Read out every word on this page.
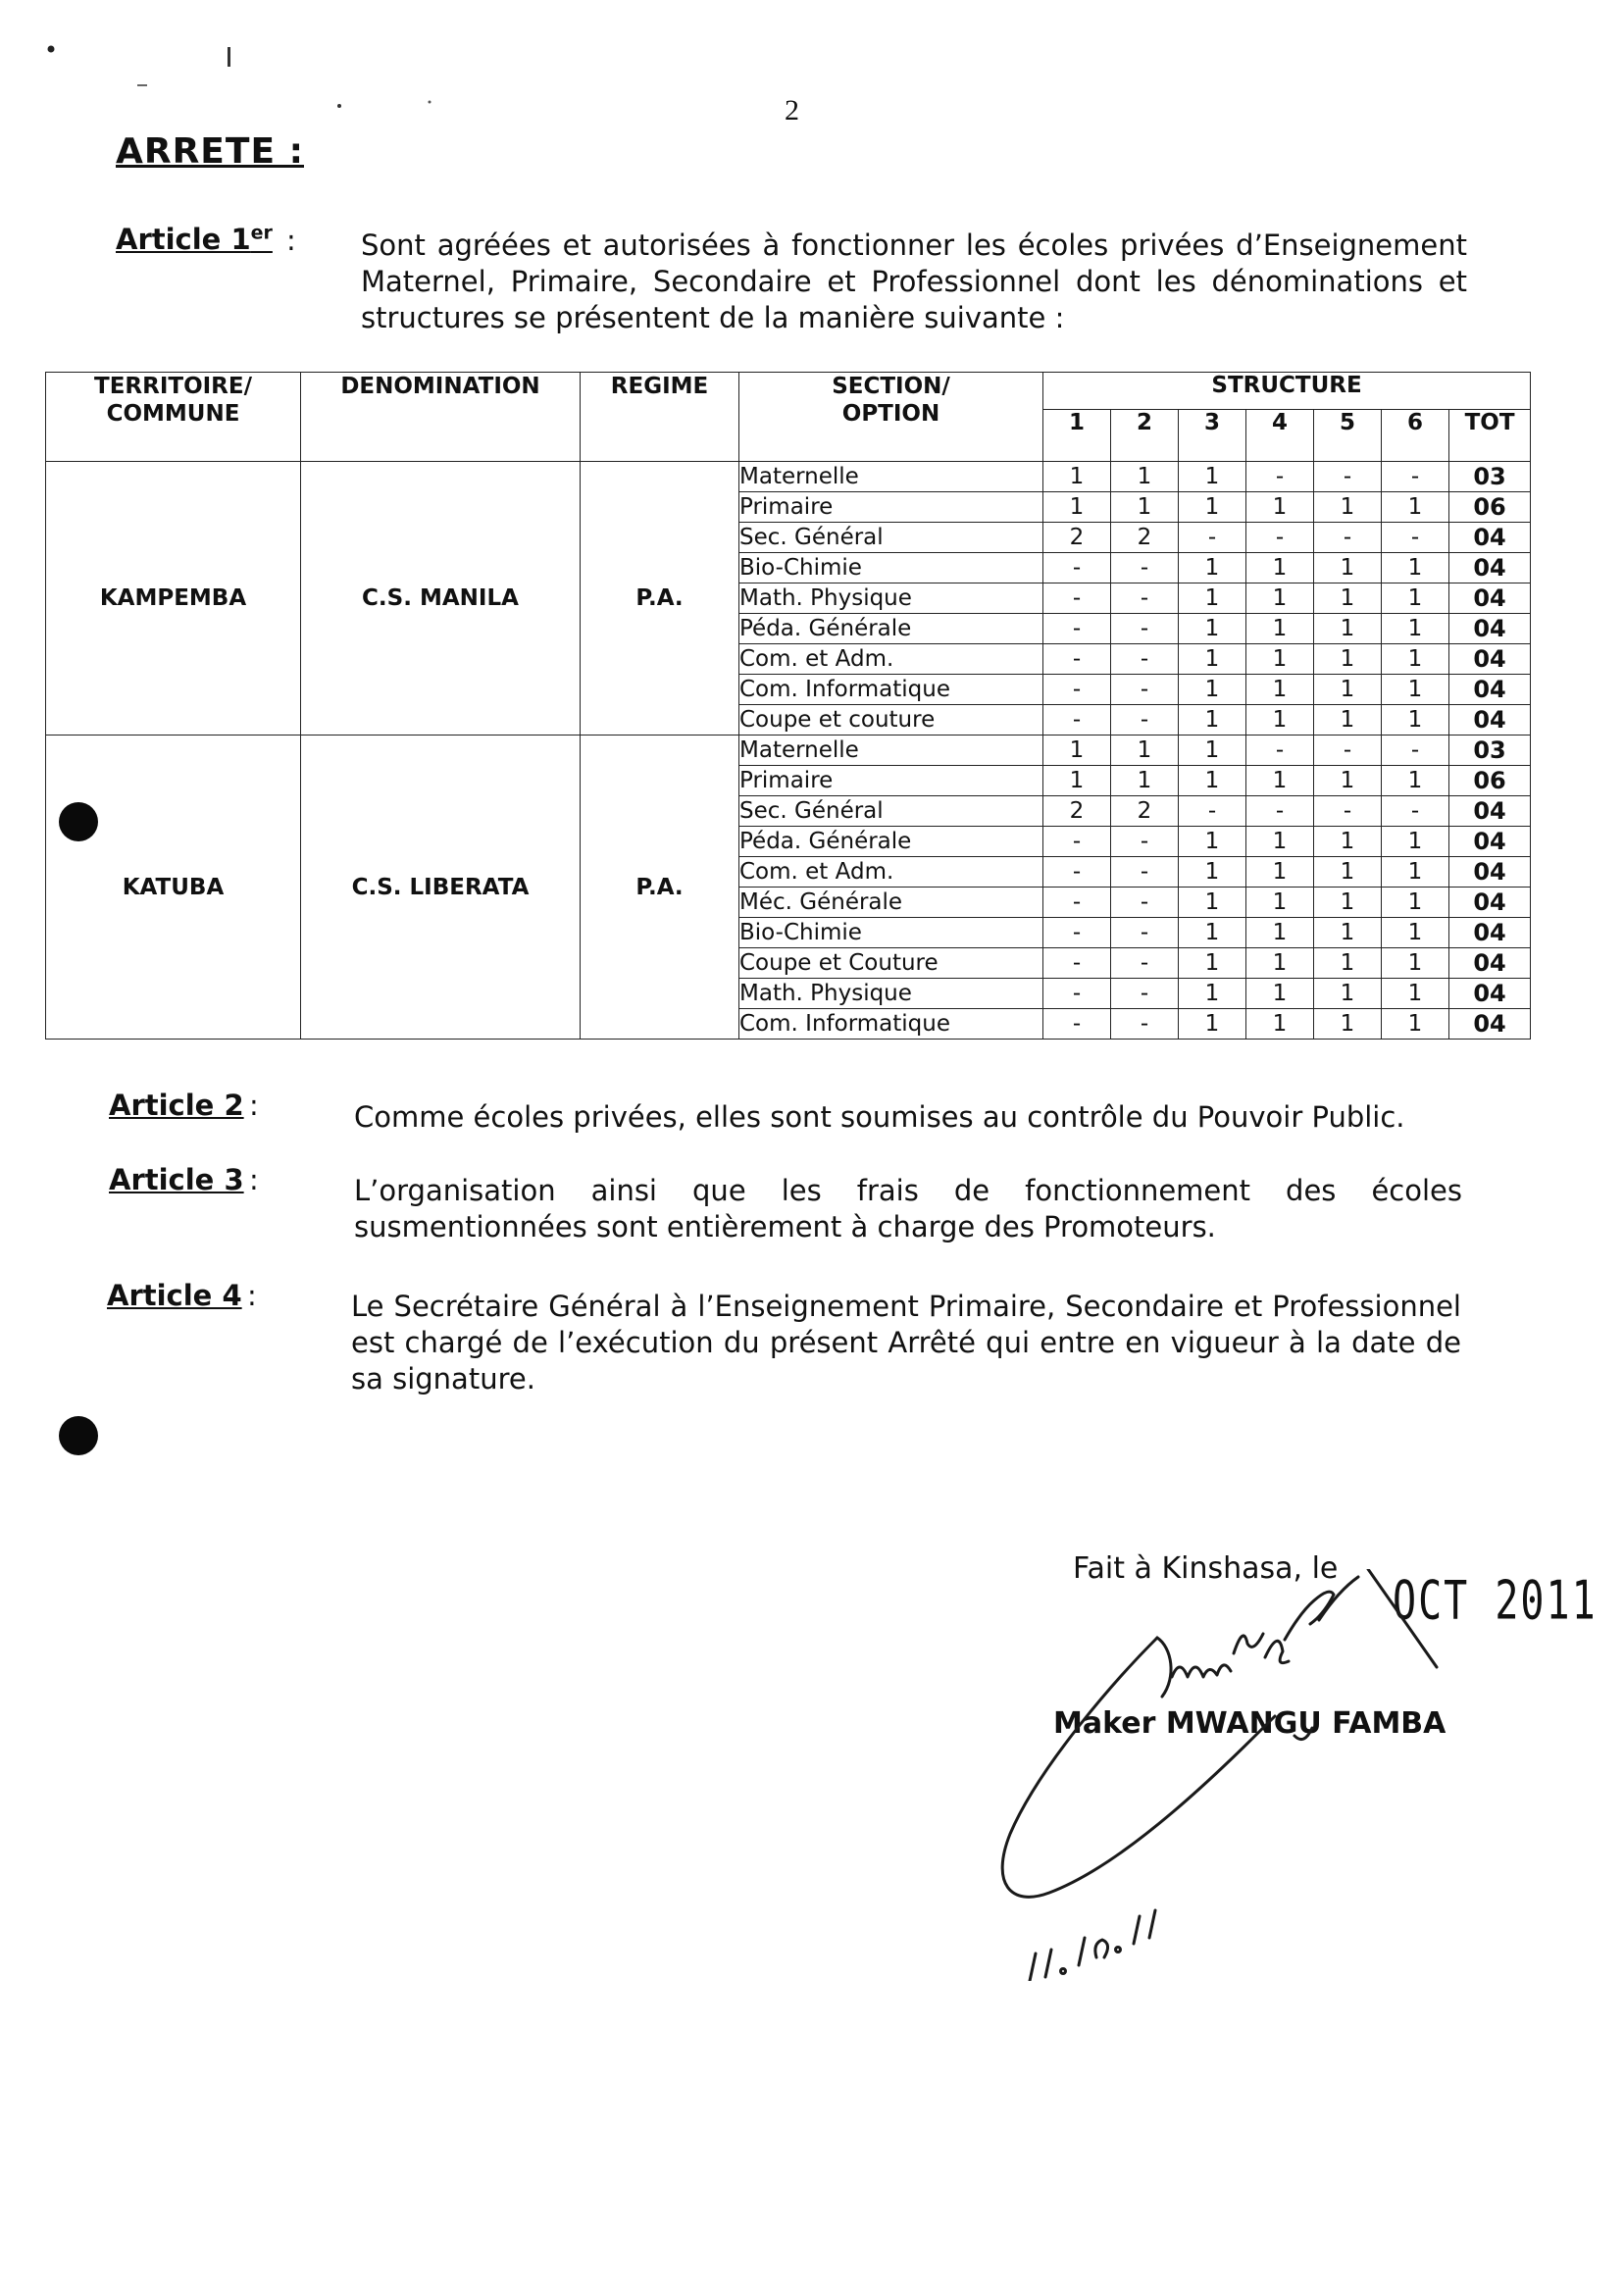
2
ARRETE :
Article 1er : Sont agréées et autorisées à fonctionner les écoles privées d’Enseignement Maternel, Primaire, Secondaire et Professionnel dont les dénominations et structures se présentent de la manière suivante :
TERRITOIRE/
COMMUNE	DENOMINATION	REGIME	SECTION/
OPTION	STRUCTURE						
				1	2	3	4	5	6	TOT
KAMPEMBA	C.S. MANILA	P.A.	Maternelle	1	1	1	-	-	-	03
			Primaire	1	1	1	1	1	1	06
			Sec. Général	2	2	-	-	-	-	04
			Bio-Chimie	-	-	1	1	1	1	04
			Math. Physique	-	-	1	1	1	1	04
			Péda. Générale	-	-	1	1	1	1	04
			Com. et Adm.	-	-	1	1	1	1	04
			Com. Informatique	-	-	1	1	1	1	04
			Coupe et couture	-	-	1	1	1	1	04
KATUBA	C.S. LIBERATA	P.A.	Maternelle	1	1	1	-	-	-	03
			Primaire	1	1	1	1	1	1	06
			Sec. Général	2	2	-	-	-	-	04
			Péda. Générale	-	-	1	1	1	1	04
			Com. et Adm.	-	-	1	1	1	1	04
			Méc. Générale	-	-	1	1	1	1	04
			Bio-Chimie	-	-	1	1	1	1	04
			Coupe et Couture	-	-	1	1	1	1	04
			Math. Physique	-	-	1	1	1	1	04
			Com. Informatique	-	-	1	1	1	1	04
Article 2 :	Comme écoles privées, elles sont soumises au contrôle du Pouvoir Public.
Article 3 :	L’organisation ainsi que les frais de fonctionnement des écoles susmentionnées sont entièrement à charge des Promoteurs.
Article 4 :	Le Secrétaire Général à l’Enseignement Primaire, Secondaire et Professionnel est chargé de l’exécution du présent Arrêté qui entre en vigueur à la date de sa signature.
Fait à Kinshasa, le
OCT 2011
Maker MWANGU FAMBA
